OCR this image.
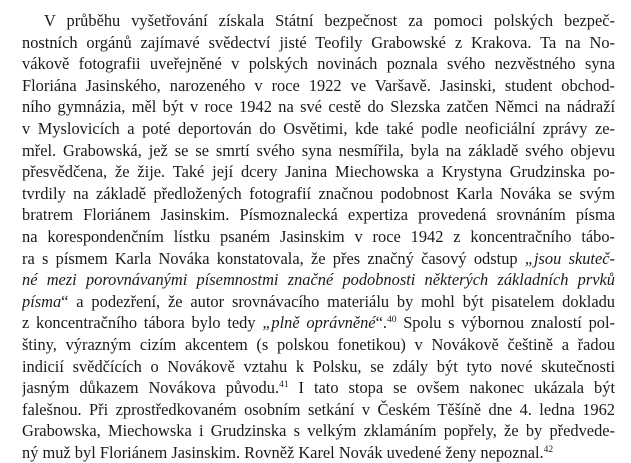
V průběhu vyšetřování získala Státní bezpečnost za pomoci polských bezpeč-
nostních orgánů zajímavé svědectví jisté Teofily Grabowské z Krakova. Ta na No-
vákově fotografii uveřejněné v polských novinách poznala svého nezvěstného syna
Floriána Jasinského, narozeného v roce 1922 ve Varšavě. Jasinski, student obchod-
ního gymnázia, měl být v roce 1942 na své cestě do Slezska zatčen Němci na nádraží
v Myslovicích a poté deportován do Osvětimi, kde také podle neoficiální zprávy ze-
mřel. Grabowská, jež se se smrtí svého syna nesmířila, byla na základě svého objevu
přesvědčena, že žije. Také její dcery Janina Miechowska a Krystyna Grudzinska po-
tvrdily na základě předložených fotografií značnou podobnost Karla Nováka se svým
bratrem Floriánem Jasinskim. Písmoznalecká expertiza provedená srovnáním písma
na korespondenčním lístku psaném Jasinskim v roce 1942 z koncentračního tábo-
ra s písmem Karla Nováka konstatovala, že přes značný časový odstup „jsou skuteč-
né mezi porovnávanými písemnostmi značné podobnosti některých základních prvků
písma“ a podezření, že autor srovnávacího materiálu by mohl být pisatelem dokladu
z koncentračního tábora bylo tedy „plně oprávněné“.$^{40}$ Spolu s výbornou znalostí pol-
štiny, výrazným cizím akcentem (s polskou fonetikou) v Novákově češtině a řadou
indicií svědčících o Novákově vztahu k Polsku, se zdály být tyto nové skutečnosti
jasným důkazem Novákova původu.$^{41}$ I tato stopa se ovšem nakonec ukázala být
falešnou. Při zprostředkovaném osobním setkání v Českém Těšíně dne 4. ledna 1962
Grabowska, Miechowska i Grudzinska s velkým zklamáním popřely, že by předvede-
ný muž byl Floriánem Jasinskim. Rovněž Karel Novák uvedené ženy nepoznal.$^{42}$
